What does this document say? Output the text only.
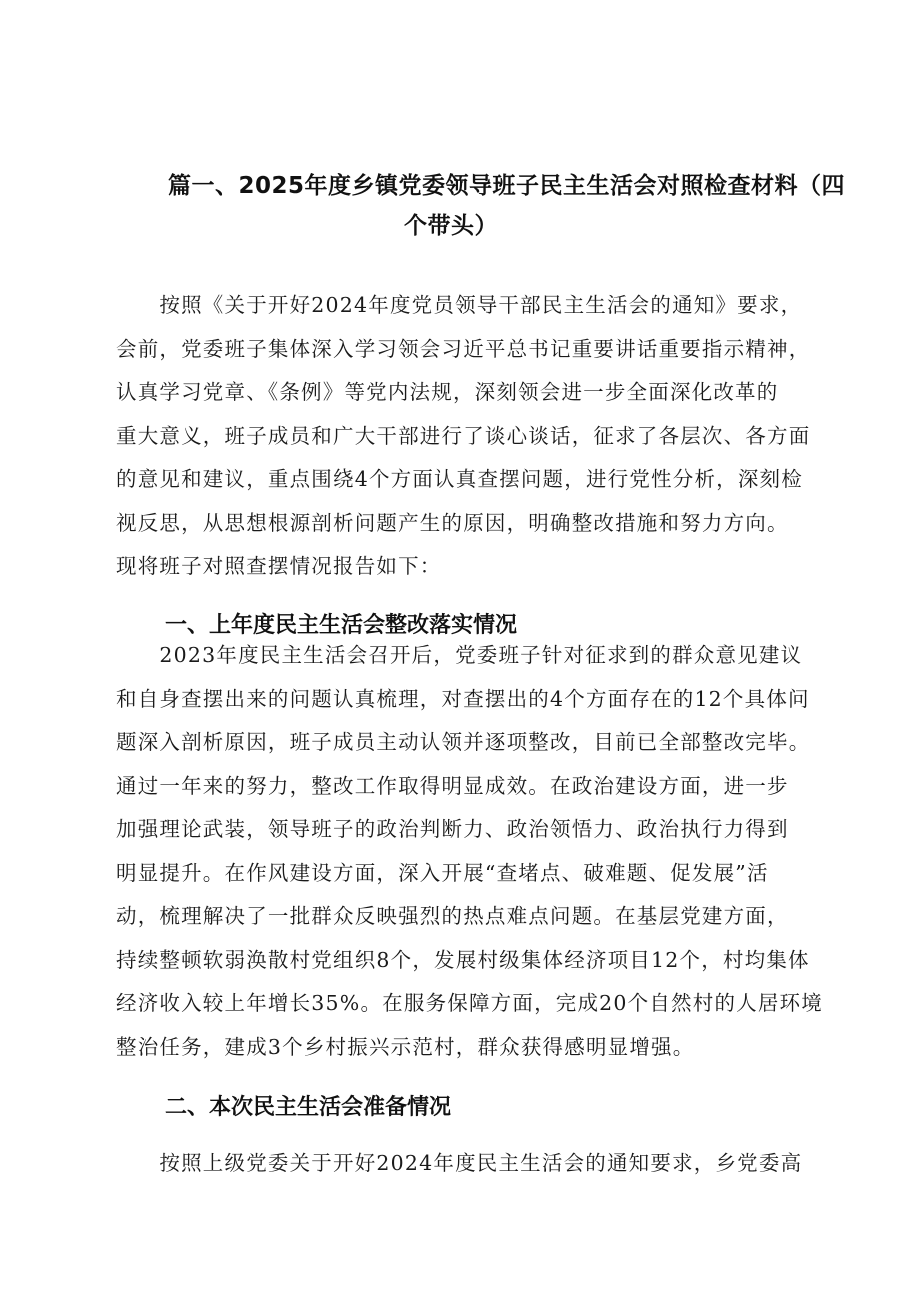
篇一、2025年度乡镇党委领导班子民主生活会对照检查材料（四
个带头）

　　按照《关于开好2024年度党员领导干部民主生活会的通知》要求，
会前，党委班子集体深入学习领会习近平总书记重要讲话重要指示精神，
认真学习党章、《条例》等党内法规，深刻领会进一步全面深化改革的
重大意义，班子成员和广大干部进行了谈心谈话，征求了各层次、各方面
的意见和建议，重点围绕4个方面认真查摆问题，进行党性分析，深刻检
视反思，从思想根源剖析问题产生的原因，明确整改措施和努力方向。
现将班子对照查摆情况报告如下：

一、上年度民主生活会整改落实情况

　　2023年度民主生活会召开后，党委班子针对征求到的群众意见建议
和自身查摆出来的问题认真梳理，对查摆出的4个方面存在的12个具体问
题深入剖析原因，班子成员主动认领并逐项整改，目前已全部整改完毕。
通过一年来的努力，整改工作取得明显成效。在政治建设方面，进一步
加强理论武装，领导班子的政治判断力、政治领悟力、政治执行力得到
明显提升。在作风建设方面，深入开展“查堵点、破难题、促发展”活
动，梳理解决了一批群众反映强烈的热点难点问题。在基层党建方面，
持续整顿软弱涣散村党组织8个，发展村级集体经济项目12个，村均集体
经济收入较上年增长35%。在服务保障方面，完成20个自然村的人居环境
整治任务，建成3个乡村振兴示范村，群众获得感明显增强。

二、本次民主生活会准备情况

　　按照上级党委关于开好2024年度民主生活会的通知要求，乡党委高
